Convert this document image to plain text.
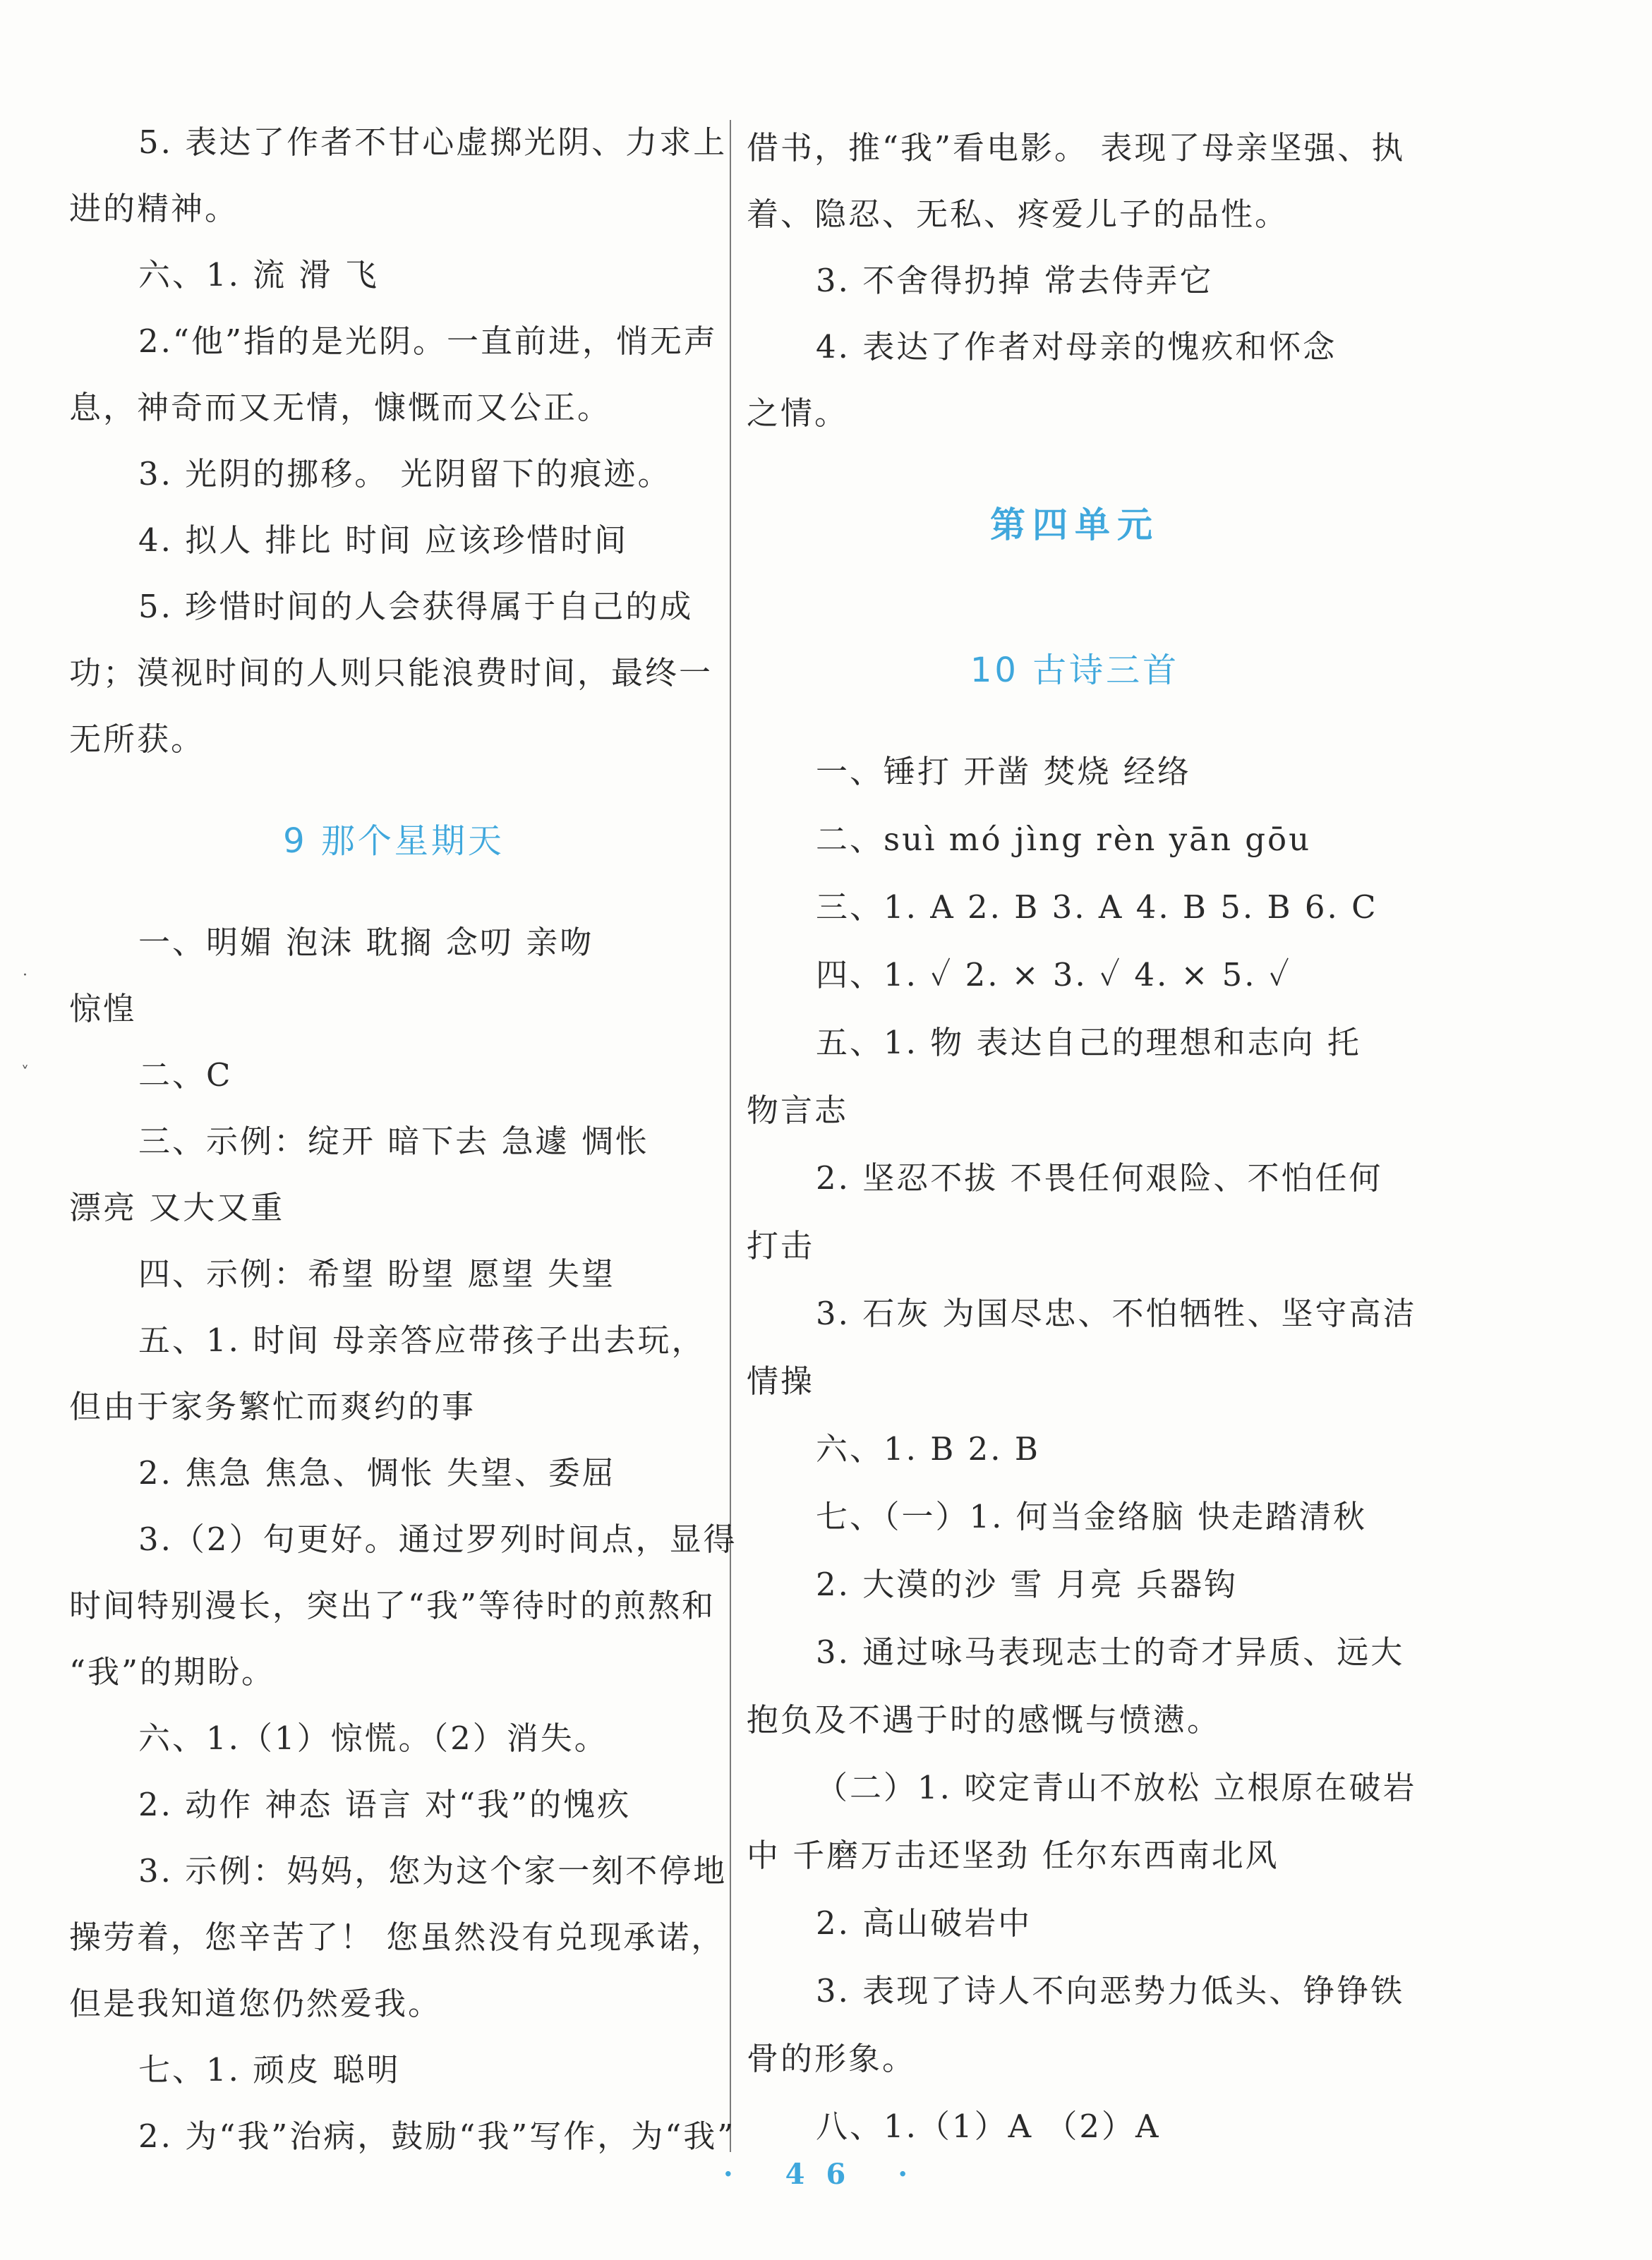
5. 表达了作者不甘心虚掷光阴、力求上
进的精神。
六、1. 流 滑 飞
2.“他”指的是光阴。一直前进，悄无声
息，神奇而又无情，慷慨而又公正。
3. 光阴的挪移。 光阴留下的痕迹。
4. 拟人 排比 时间 应该珍惜时间
5. 珍惜时间的人会获得属于自己的成
功；漠视时间的人则只能浪费时间，最终一
无所获。
9 那个星期天
一、明媚 泡沫 耽搁 念叨 亲吻
惊惶
二、C
三、示例：绽开 暗下去 急遽 惆怅
漂亮 又大又重
四、示例：希望 盼望 愿望 失望
五、1. 时间 母亲答应带孩子出去玩，
但由于家务繁忙而爽约的事
2. 焦急 焦急、惆怅 失望、委屈
3.（2）句更好。通过罗列时间点，显得
时间特别漫长，突出了“我”等待时的煎熬和
“我”的期盼。
六、1.（1）惊慌。（2）消失。
2. 动作 神态 语言 对“我”的愧疚
3. 示例：妈妈，您为这个家一刻不停地
操劳着，您辛苦了！ 您虽然没有兑现承诺，
但是我知道您仍然爱我。
七、1. 顽皮 聪明
2. 为“我”治病，鼓励“我”写作，为“我”
借书，推“我”看电影。 表现了母亲坚强、执
着、隐忍、无私、疼爱儿子的品性。
3. 不舍得扔掉 常去侍弄它
4. 表达了作者对母亲的愧疚和怀念
之情。
第四单元
10 古诗三首
一、锤打 开凿 焚烧 经络
二、suì mó jìng rèn yān gōu
三、1. A 2. B 3. A 4. B 5. B 6. C
四、1. ✓ 2. × 3. ✓ 4. × 5. ✓
五、1. 物 表达自己的理想和志向 托
物言志
2. 坚忍不拔 不畏任何艰险、不怕任何
打击
3. 石灰 为国尽忠、不怕牺牲、坚守高洁
情操
六、1. B 2. B
七、（一）1. 何当金络脑 快走踏清秋
2. 大漠的沙 雪 月亮 兵器钩
3. 通过咏马表现志士的奇才异质、远大
抱负及不遇于时的感慨与愤懑。
（二）1. 咬定青山不放松 立根原在破岩
中 千磨万击还坚劲 任尔东西南北风
2. 高山破岩中
3. 表现了诗人不向恶势力低头、铮铮铁
骨的形象。
八、1.（1）A （2）A
·
˅
· 46 ·
